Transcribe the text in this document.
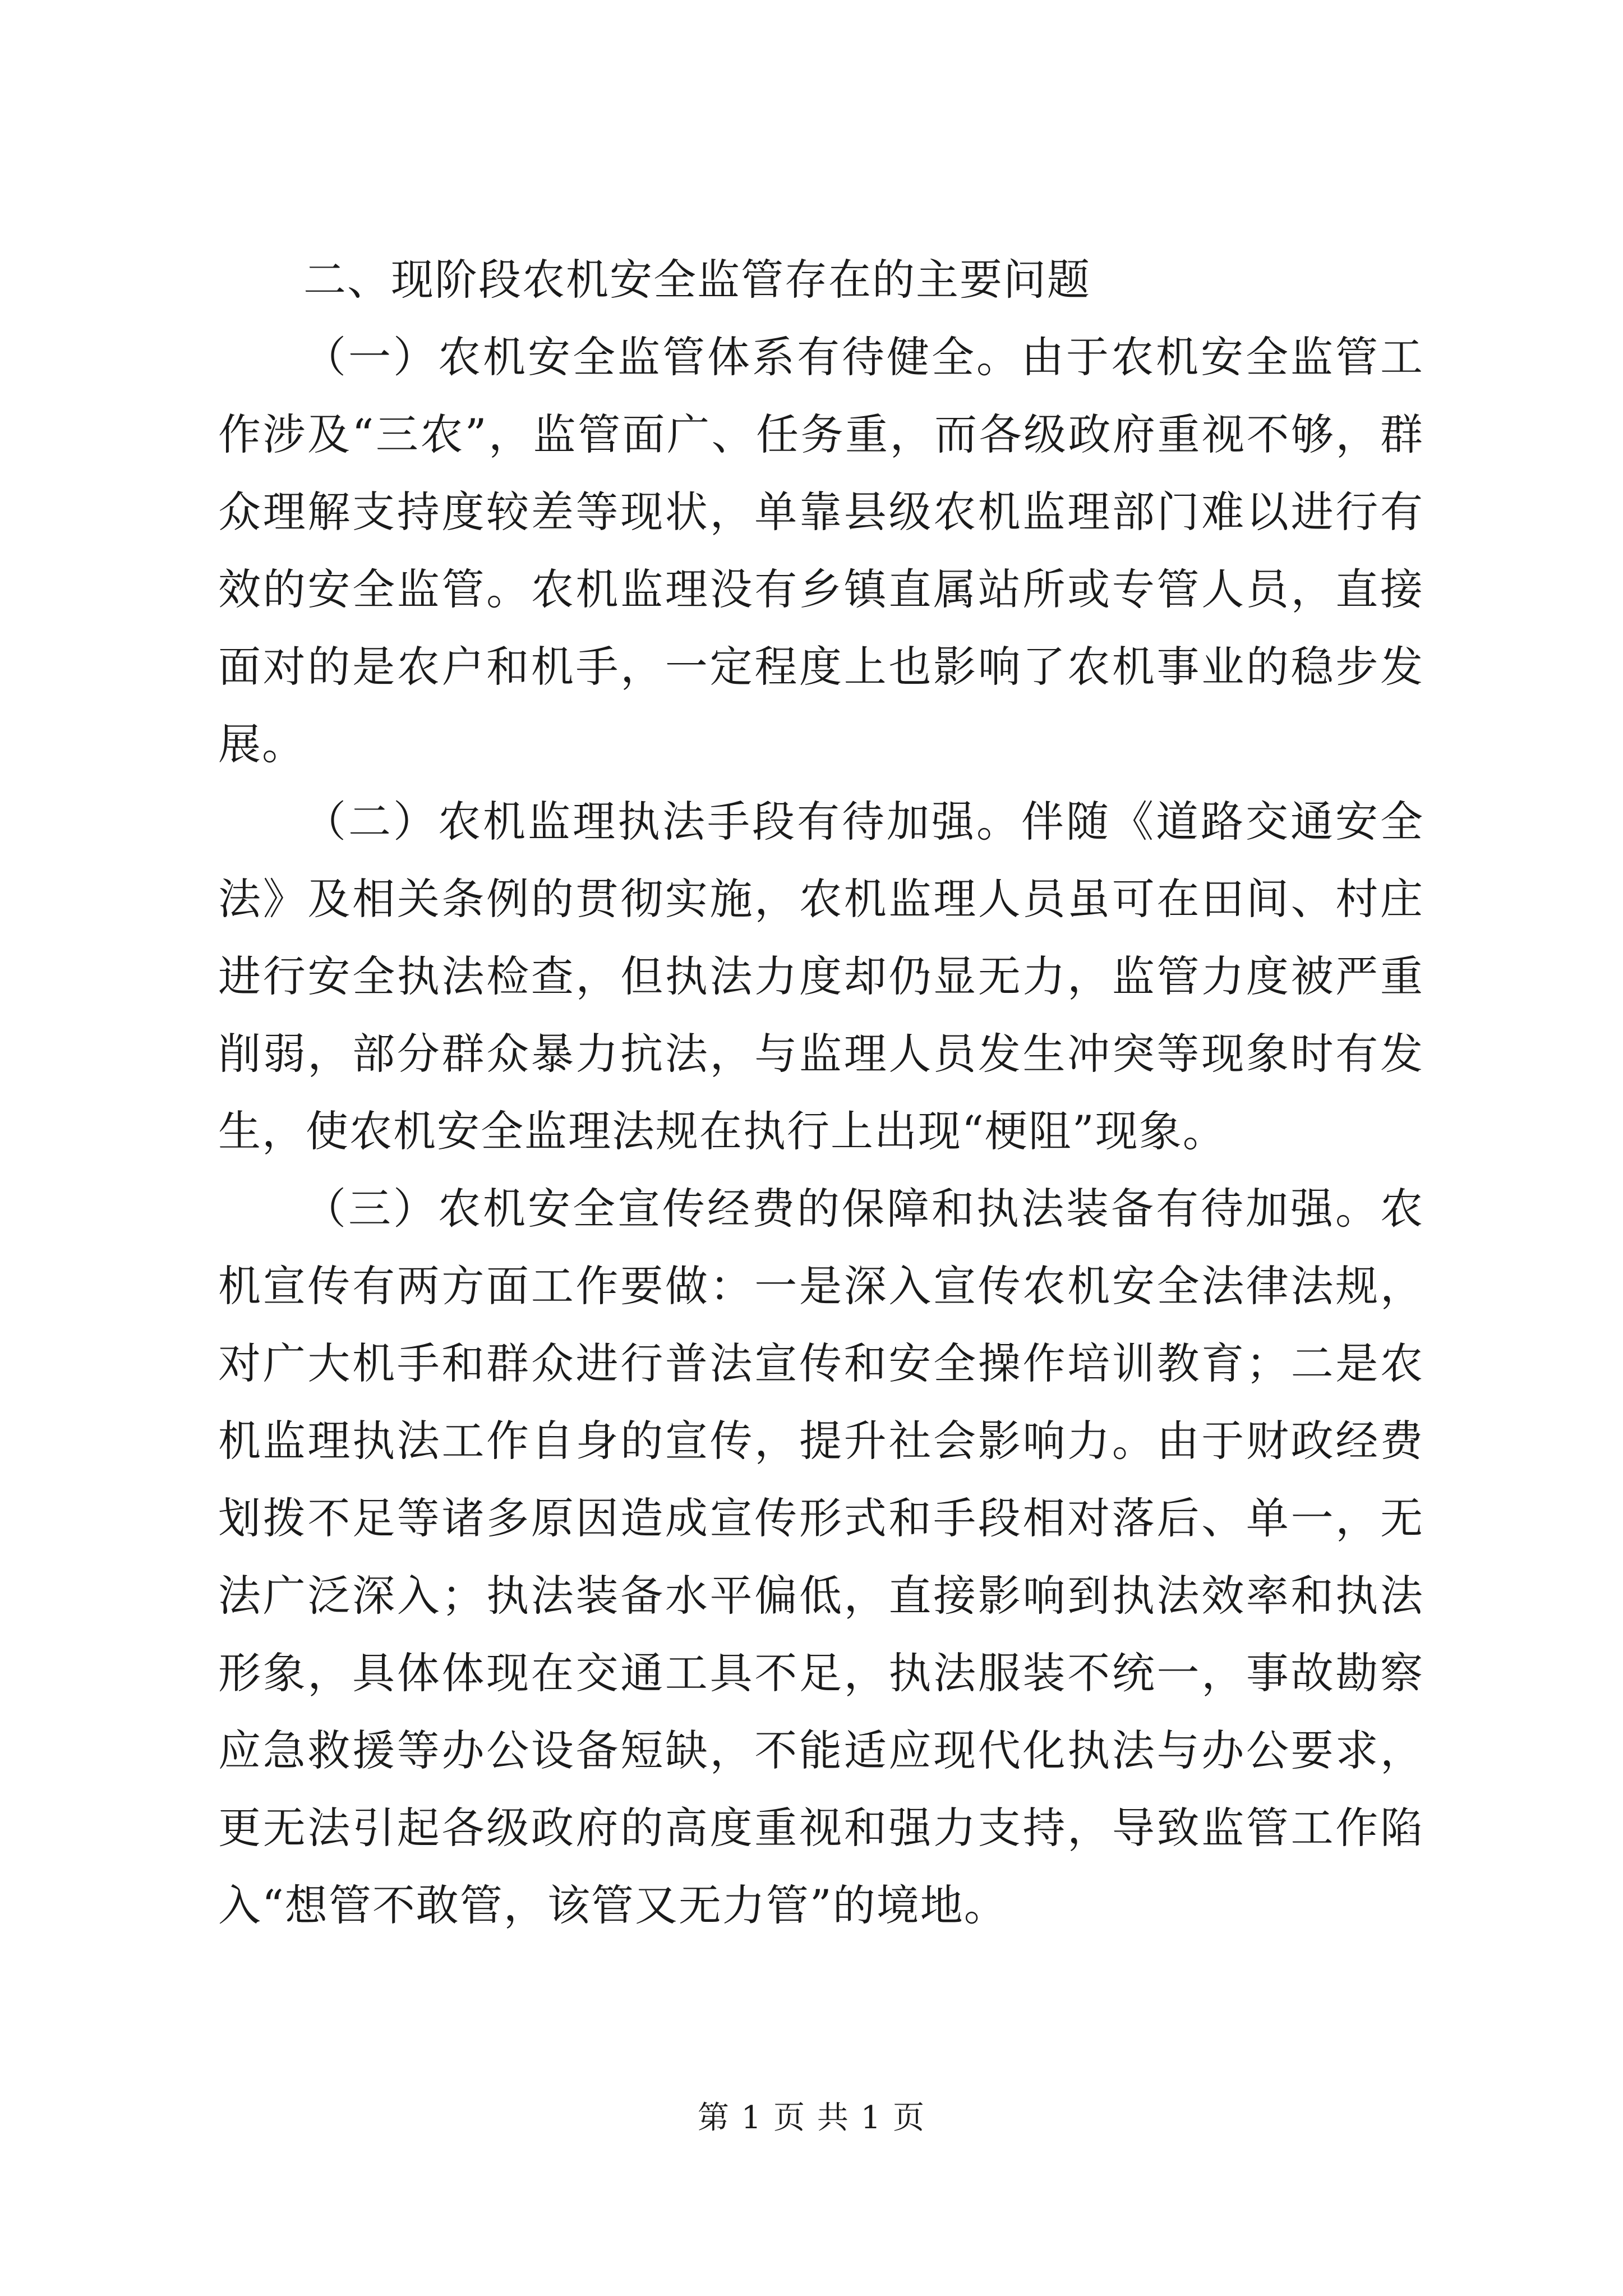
二、现阶段农机安全监管存在的主要问题

（一）农机安全监管体系有待健全。由于农机安全监管工作涉及“三农”，监管面广、任务重，而各级政府重视不够，群众理解支持度较差等现状，单靠县级农机监理部门难以进行有效的安全监管。农机监理没有乡镇直属站所或专管人员，直接面对的是农户和机手，一定程度上也影响了农机事业的稳步发展。

（二）农机监理执法手段有待加强。伴随《道路交通安全法》及相关条例的贯彻实施，农机监理人员虽可在田间、村庄进行安全执法检查，但执法力度却仍显无力，监管力度被严重削弱，部分群众暴力抗法，与监理人员发生冲突等现象时有发生，使农机安全监理法规在执行上出现“梗阻”现象。

（三）农机安全宣传经费的保障和执法装备有待加强。农机宣传有两方面工作要做：一是深入宣传农机安全法律法规，对广大机手和群众进行普法宣传和安全操作培训教育；二是农机监理执法工作自身的宣传，提升社会影响力。由于财政经费划拨不足等诸多原因造成宣传形式和手段相对落后、单一，无法广泛深入；执法装备水平偏低，直接影响到执法效率和执法形象，具体体现在交通工具不足，执法服装不统一，事故勘察应急救援等办公设备短缺，不能适应现代化执法与办公要求，更无法引起各级政府的高度重视和强力支持，导致监管工作陷入“想管不敢管，该管又无力管”的境地。

第 1 页 共 1 页
